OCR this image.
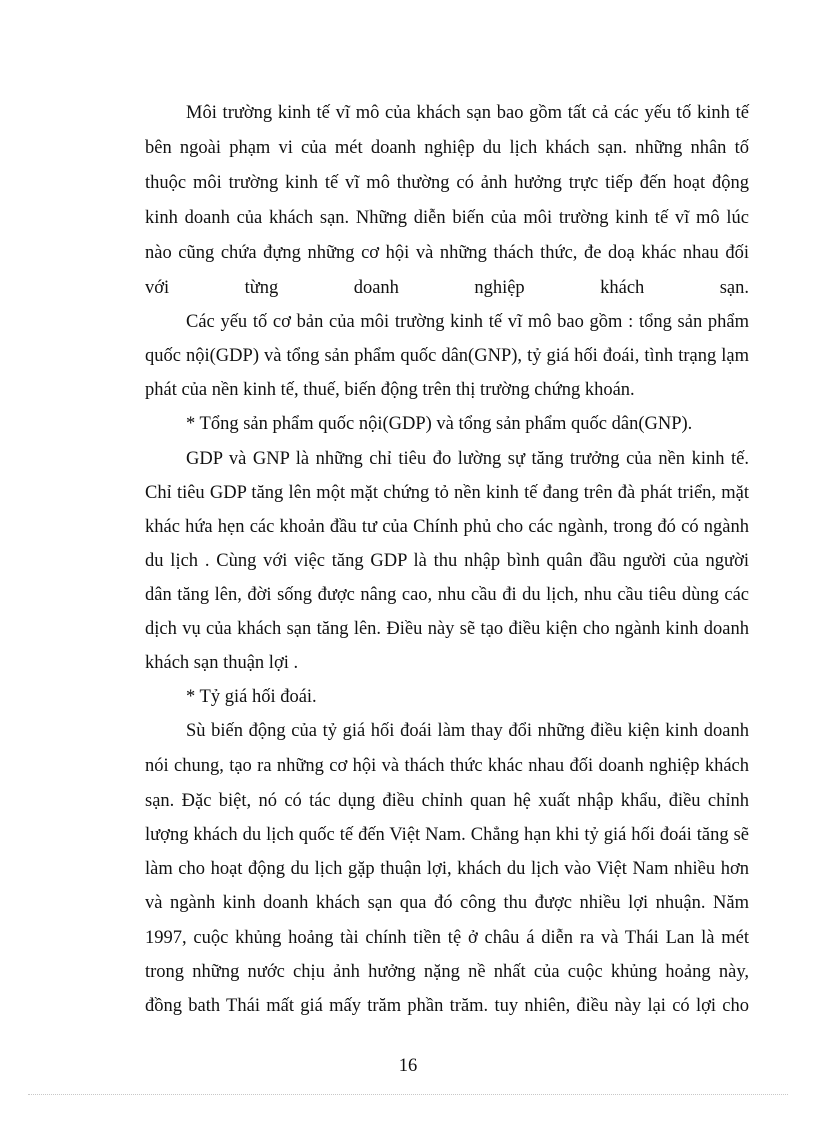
Môi trường kinh tế vĩ mô của khách sạn bao gồm tất cả các yếu tố kinh tế
bên ngoài phạm vi của mét doanh nghiệp du lịch khách sạn. những nhân tố
thuộc môi trường kinh tế vĩ mô thường có ảnh hưởng trực tiếp đến hoạt động
kinh doanh của khách sạn. Những diễn biến của môi trường kinh tế vĩ mô lúc
nào cũng chứa đựng những cơ hội và những thách thức, đe doạ khác nhau đối
với từng doanh nghiệp khách sạn.
Các yếu tố cơ bản của môi trường kinh tế vĩ mô bao gồm : tổng sản phẩm
quốc nội(GDP) và tổng sản phẩm quốc dân(GNP), tỷ giá hối đoái, tình trạng lạm
phát của nền kinh tế, thuế, biến động trên thị trường chứng khoán.
* Tổng sản phẩm quốc nội(GDP) và tổng sản phẩm quốc dân(GNP).
GDP và GNP là những chỉ tiêu đo lường sự tăng trưởng của nền kinh tế.
Chỉ tiêu GDP tăng lên một mặt chứng tỏ nền kinh tế đang trên đà phát triển, mặt
khác hứa hẹn các khoản đầu tư của Chính phủ cho các ngành, trong đó có ngành
du lịch . Cùng với việc tăng GDP là thu nhập bình quân đầu người của người
dân tăng lên, đời sống được nâng cao, nhu cầu đi du lịch, nhu cầu tiêu dùng các
dịch vụ của khách sạn tăng lên. Điều này sẽ tạo điều kiện cho ngành kinh doanh
khách sạn thuận lợi .
* Tỷ giá hối đoái.
Sù biến động của tỷ giá hối đoái làm thay đổi những điều kiện kinh doanh
nói chung, tạo ra những cơ hội và thách thức khác nhau đối doanh nghiệp khách
sạn. Đặc biệt, nó có tác dụng điều chỉnh quan hệ xuất nhập khẩu, điều chỉnh
lượng khách du lịch quốc tế đến Việt Nam. Chẳng hạn khi tỷ giá hối đoái tăng sẽ
làm cho hoạt động du lịch gặp thuận lợi, khách du lịch vào Việt Nam nhiều hơn
và ngành kinh doanh khách sạn qua đó công thu được nhiều lợi nhuận. Năm
1997, cuộc khủng hoảng tài chính tiền tệ ở châu á diễn ra và Thái Lan là mét
trong những nước chịu ảnh hưởng nặng nề nhất của cuộc khủng hoảng này,
đồng bath Thái mất giá mấy trăm phần trăm. tuy nhiên, điều này lại có lợi cho
16
